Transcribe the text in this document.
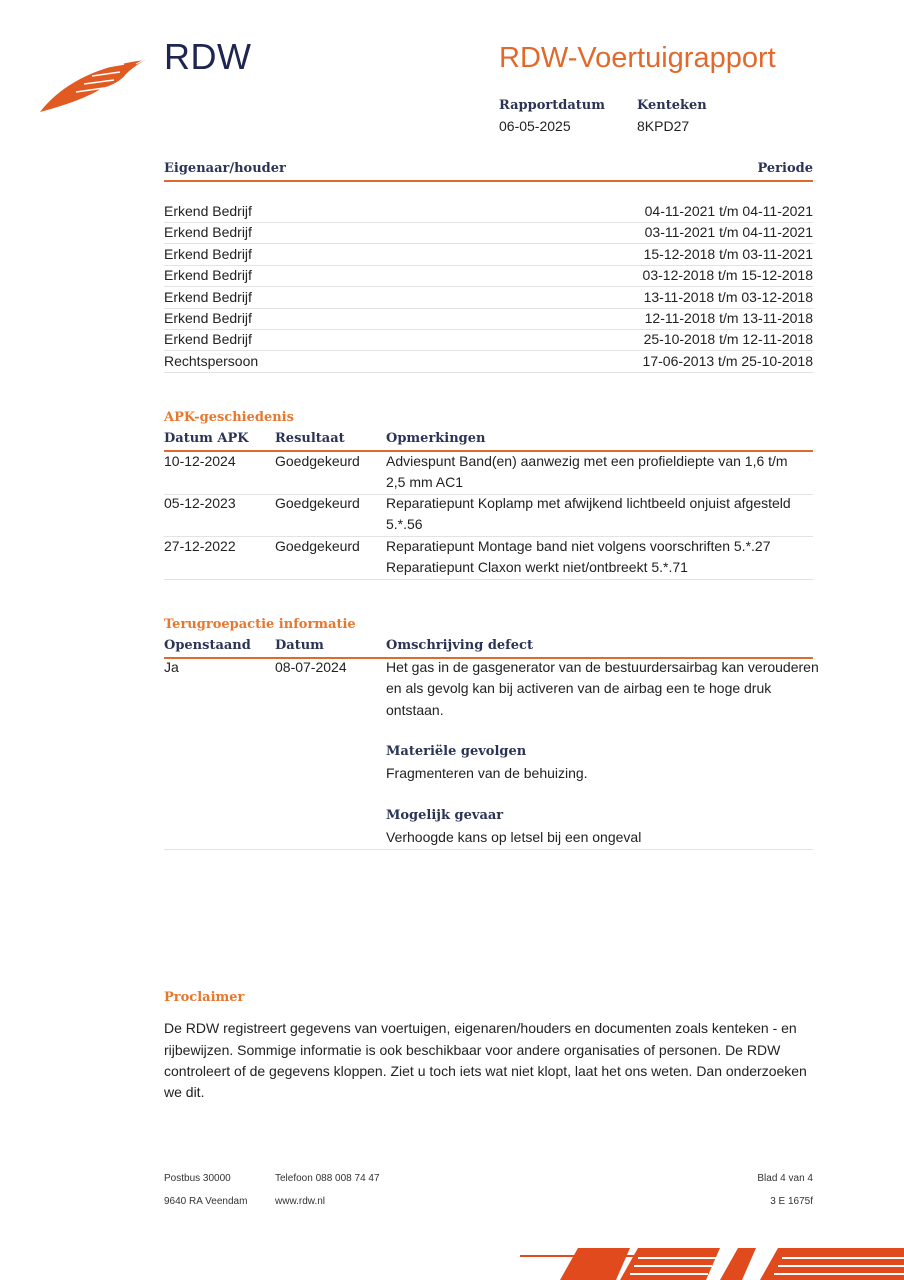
RDW	RDW-Voertuigrapport
Rapportdatum
06-05-2025
Kenteken
8KPD27
Eigenaar/houder	Periode
Erkend Bedrijf	04-11-2021 t/m 04-11-2021
Erkend Bedrijf	03-11-2021 t/m 04-11-2021
Erkend Bedrijf	15-12-2018 t/m 03-11-2021
Erkend Bedrijf	03-12-2018 t/m 15-12-2018
Erkend Bedrijf	13-11-2018 t/m 03-12-2018
Erkend Bedrijf	12-11-2018 t/m 13-11-2018
Erkend Bedrijf	25-10-2018 t/m 12-11-2018
Rechtspersoon	17-06-2013 t/m 25-10-2018
APK-geschiedenis
Datum APK Resultaat	Opmerkingen
10-12-2024	Goedgekeurd Adviespunt Band(en) aanwezig met een profieldiepte van 1,6 t/m
2,5 mm AC1
05-12-2023	Goedgekeurd Reparatiepunt Koplamp met afwijkend lichtbeeld onjuist afgesteld
5.*.56
27-12-2022	Goedgekeurd Reparatiepunt Montage band niet volgens voorschriften 5.*.27
Reparatiepunt Claxon werkt niet/ontbreekt 5.*.71
Terugroepactie informatie
Openstaand Datum	Omschrijving defect
Ja	08-07-2024	Het gas in de gasgenerator van de bestuurdersairbag kan verouderen
en als gevolg kan bij activeren van de airbag een te hoge druk
ontstaan.
Materiële gevolgen
Fragmenteren van de behuizing.
Mogelijk gevaar
Verhoogde kans op letsel bij een ongeval
Proclaimer
De RDW registreert gegevens van voertuigen, eigenaren/houders en documenten zoals kenteken - en
rijbewijzen. Sommige informatie is ook beschikbaar voor andere organisaties of personen. De RDW
controleert of de gegevens kloppen. Ziet u toch iets wat niet klopt, laat het ons weten. Dan onderzoeken
we dit.
Postbus 30000
9640 RA Veendam
Telefoon 088 008 74 47
www.rdw.nl
Blad 4 van 4
3 E 1675f
